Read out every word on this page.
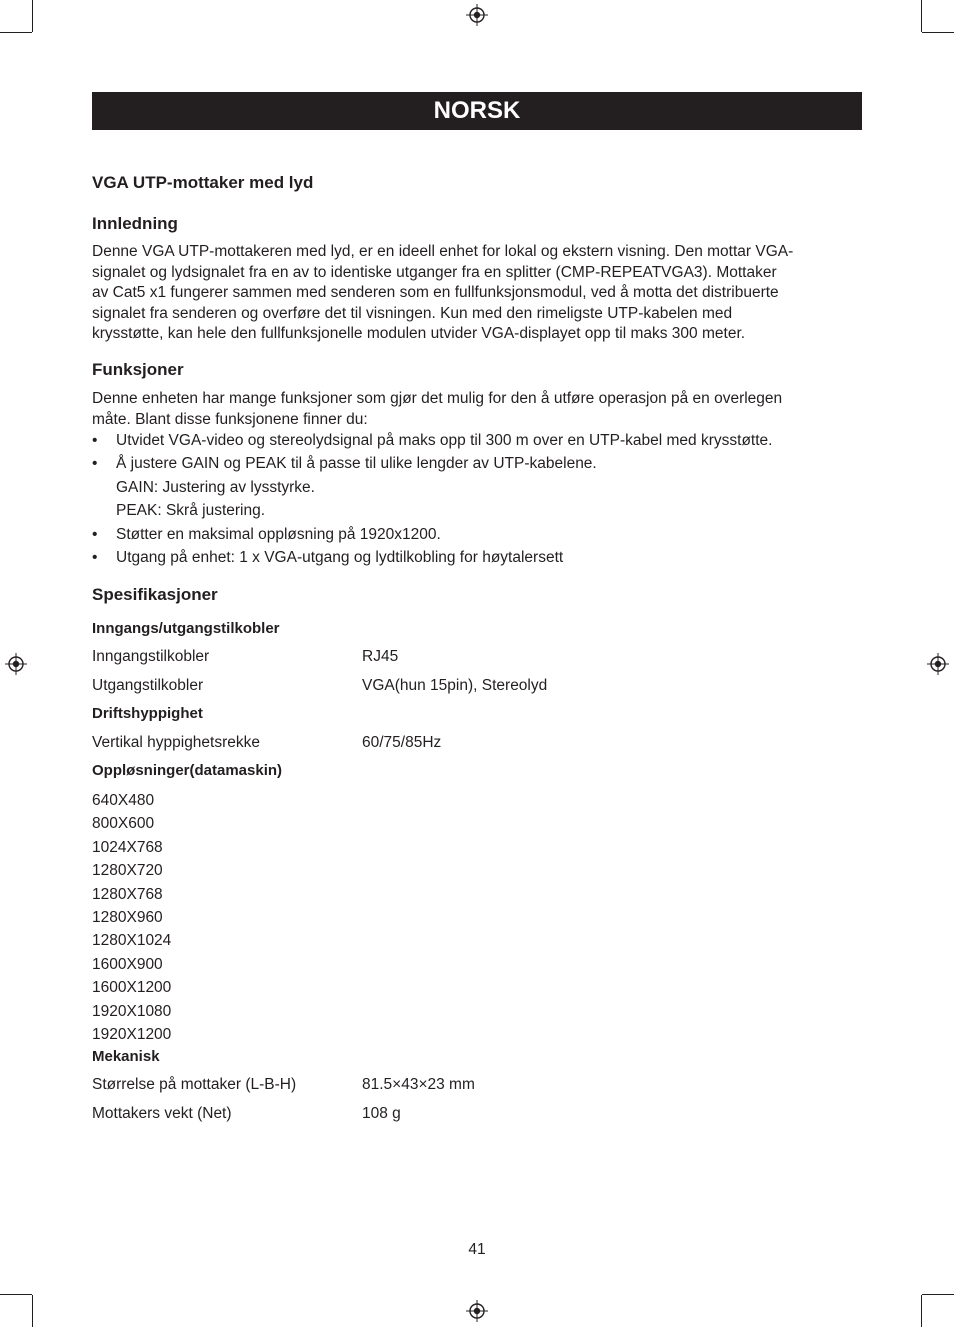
NORSK
VGA UTP-mottaker med lyd
Innledning
Denne VGA UTP-mottakeren med lyd, er en ideell enhet for lokal og ekstern visning. Den mottar VGA-
signalet og lydsignalet fra en av to identiske utganger fra en splitter (CMP-REPEATVGA3). Mottaker
av Cat5 x1 fungerer sammen med senderen som en fullfunksjonsmodul, ved å motta det distribuerte
signalet fra senderen og overføre det til visningen. Kun med den rimeligste UTP-kabelen med
krysstøtte, kan hele den fullfunksjonelle modulen utvider VGA-displayet opp til maks 300 meter.
Funksjoner
Denne enheten har mange funksjoner som gjør det mulig for den å utføre operasjon på en overlegen
måte. Blant disse funksjonene finner du:
• Utvidet VGA-video og stereolydsignal på maks opp til 300 m over en UTP-kabel med krysstøtte.
• Å justere GAIN og PEAK til å passe til ulike lengder av UTP-kabelene.
GAIN: Justering av lysstyrke.
PEAK: Skrå justering.
• Støtter en maksimal oppløsning på 1920x1200.
• Utgang på enhet: 1 x VGA-utgang og lydtilkobling for høytalersett
Spesifikasjoner
Inngangs/utgangstilkobler
Inngangstilkobler	RJ45
Utgangstilkobler	VGA(hun 15pin), Stereolyd
Driftshyppighet
Vertikal hyppighetsrekke	60/75/85Hz
Oppløsninger(datamaskin)
640X480
800X600
1024X768
1280X720
1280X768
1280X960
1280X1024
1600X900
1600X1200
1920X1080
1920X1200
Mekanisk
Størrelse på mottaker (L-B-H)	81.5×43×23 mm
Mottakers vekt (Net)	108 g
41
